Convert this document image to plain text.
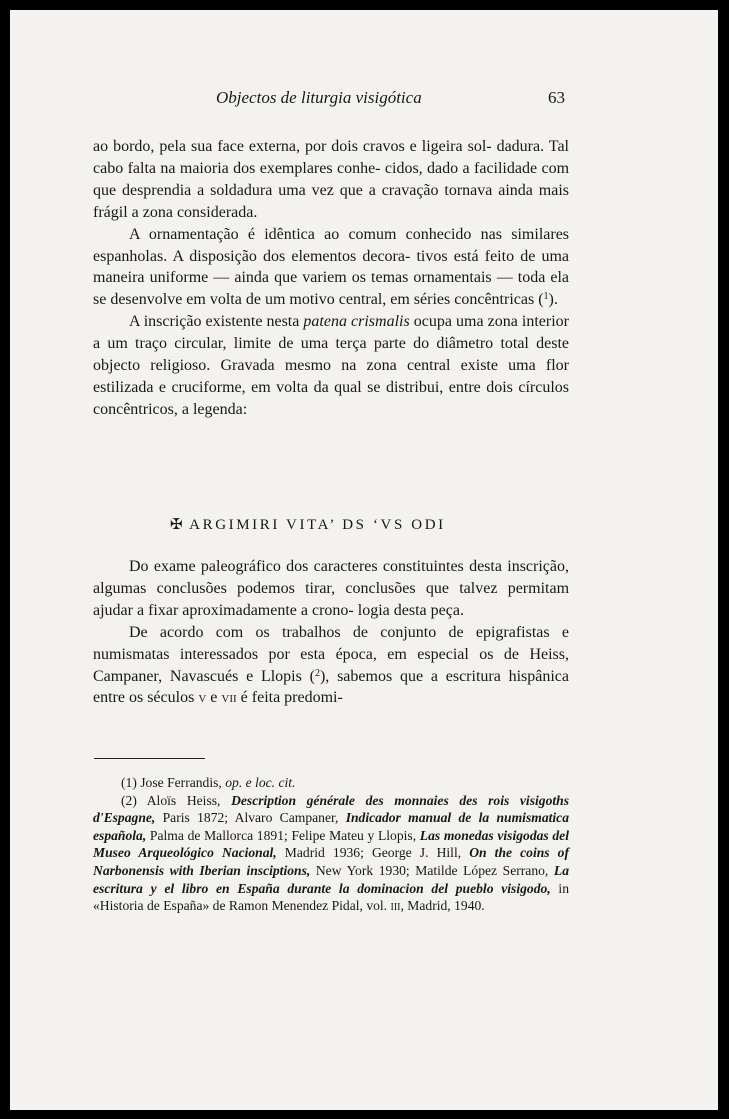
Objectos de liturgia visigótica	63

ao bordo, pela sua face externa, por dois cravos e ligeira sol- dadura. Tal cabo falta na maioria dos exemplares conhe- cidos, dado a facilidade com que desprendia a soldadura uma vez que a cravação tornava ainda mais frágil a zona considerada.

A ornamentação é idêntica ao comum conhecido nas similares espanholas. A disposição dos elementos decora- tivos está feito de uma maneira uniforme — ainda que variem os temas ornamentais — toda ela se desenvolve em volta de um motivo central, em séries concêntricas ($^1$).

A inscrição existente nesta patena crismalis ocupa uma zona interior a um traço circular, limite de uma terça parte do diâmetro total deste objecto religioso. Gravada mesmo na zona central existe uma flor estilizada e cruciforme, em volta da qual se distribui, entre dois círculos concêntricos, a legenda:

✠ ARGIMIRI VITA’ DS ‘VS ODI

Do exame paleográfico dos caracteres constituintes desta inscrição, algumas conclusões podemos tirar, conclusões que talvez permitam ajudar a fixar aproximadamente a crono- logia desta peça.

De acordo com os trabalhos de conjunto de epigrafistas e numismatas interessados por esta época, em especial os de Heiss, Campaner, Navascués e Llopis ($^2$), sabemos que a escritura hispânica entre os séculos v e vii é feita predomi-

(1) Jose Ferrandis, op. e loc. cit.

(2) Aloïs Heiss, Description générale des monnaies des rois visigoths d'Espagne, Paris 1872; Alvaro Campaner, Indicador manual de la numismatica española, Palma de Mallorca 1891; Felipe Mateu y Llopis, Las monedas visigodas del Museo Arqueológico Nacional, Madrid 1936; George J. Hill, On the coins of Narbonensis with Iberian insciptions, New York 1930; Matilde López Serrano, La escritura y el libro en España durante la dominacion del pueblo visigodo, in «Historia de España» de Ramon Menendez Pidal, vol. iii, Madrid, 1940.
